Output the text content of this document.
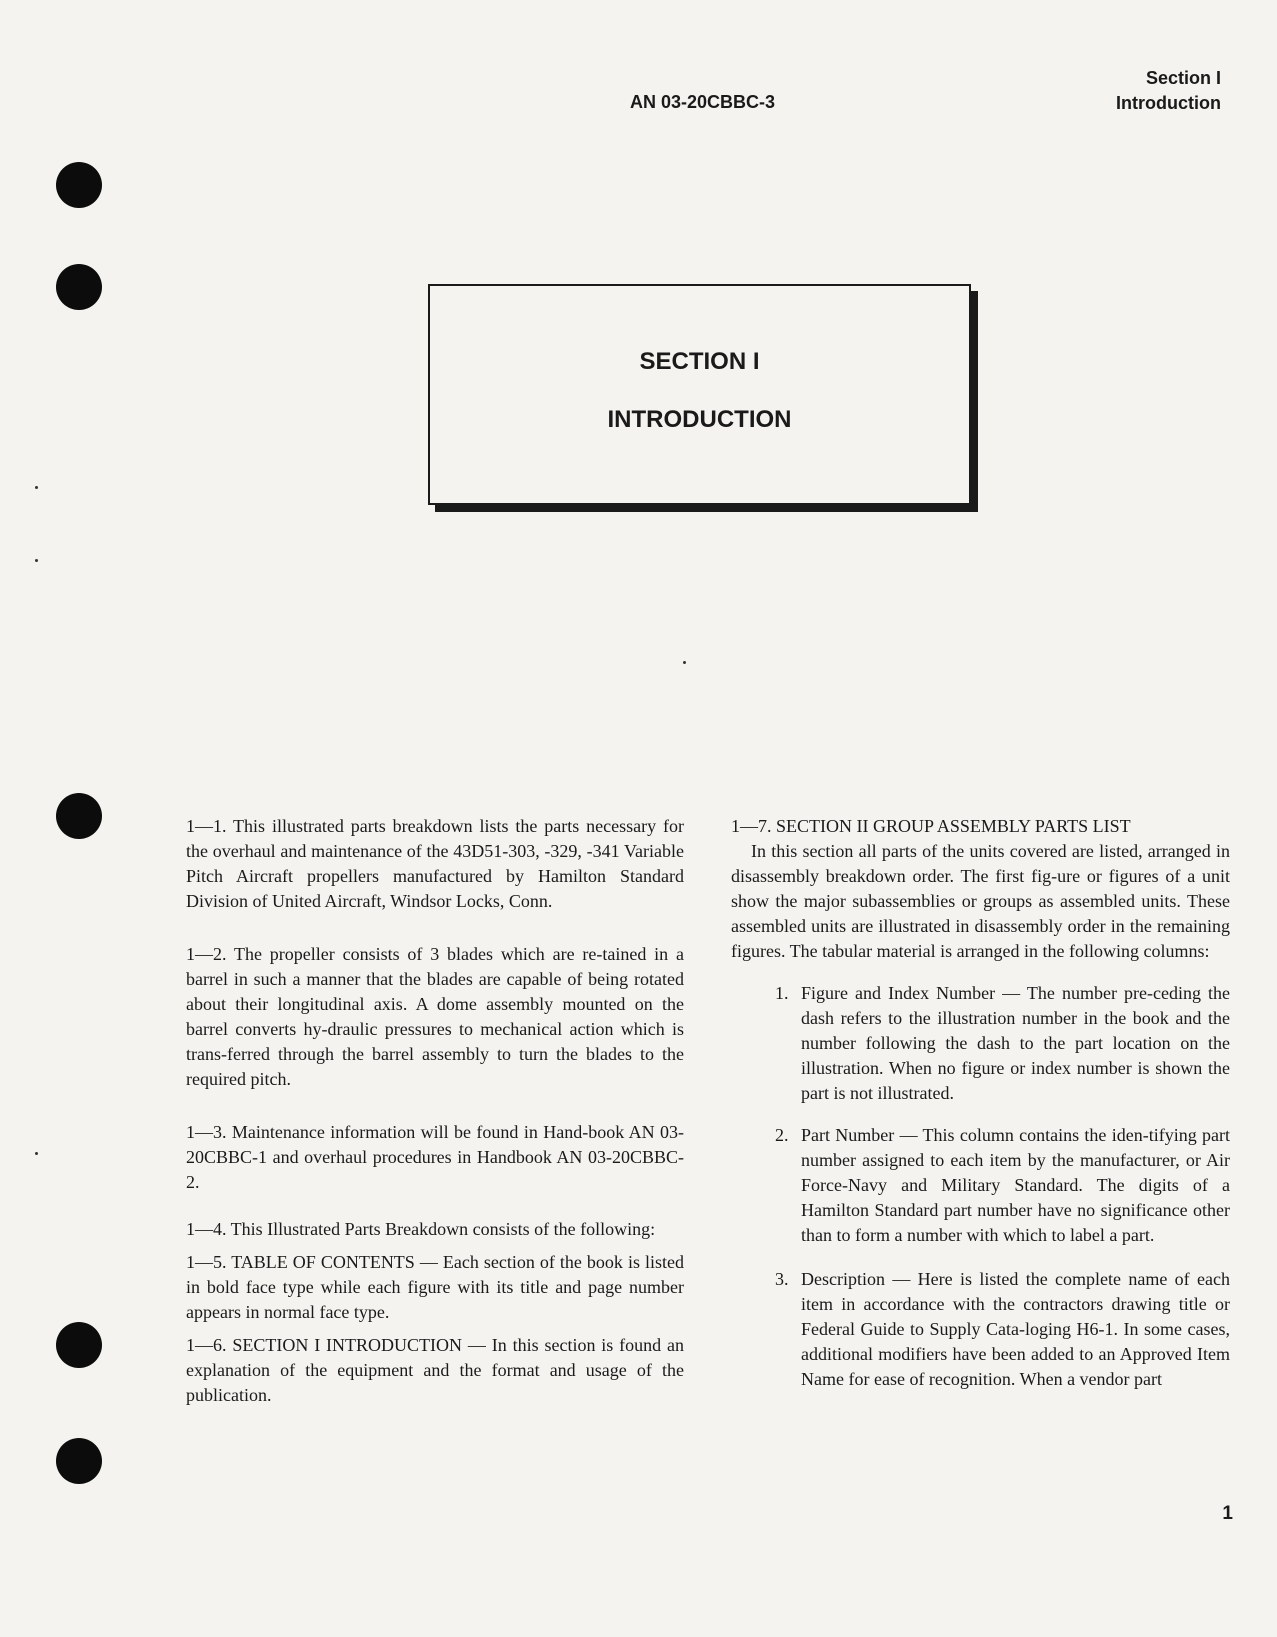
AN 03-20CBBC-3
Section I
Introduction
SECTION I
INTRODUCTION

1—1. This illustrated parts breakdown lists the parts necessary for the overhaul and maintenance of the 43D51-303, -329, -341 Variable Pitch Aircraft propellers manufactured by Hamilton Standard Division of United Aircraft, Windsor Locks, Conn.

1—2. The propeller consists of 3 blades which are re-tained in a barrel in such a manner that the blades are capable of being rotated about their longitudinal axis. A dome assembly mounted on the barrel converts hy-draulic pressures to mechanical action which is trans-ferred through the barrel assembly to turn the blades to the required pitch.

1—3. Maintenance information will be found in Hand-book AN 03-20CBBC-1 and overhaul procedures in Handbook AN 03-20CBBC-2.

1—4. This Illustrated Parts Breakdown consists of the following:

1—5. TABLE OF CONTENTS — Each section of the book is listed in bold face type while each figure with its title and page number appears in normal face type.

1—6. SECTION I INTRODUCTION — In this section is found an explanation of the equipment and the format and usage of the publication.

1—7. SECTION II GROUP ASSEMBLY PARTS LIST

In this section all parts of the units covered are listed, arranged in disassembly breakdown order. The first fig-ure or figures of a unit show the major subassemblies or groups as assembled units. These assembled units are illustrated in disassembly order in the remaining figures. The tabular material is arranged in the following columns:

1. Figure and Index Number — The number pre-ceding the dash refers to the illustration number in the book and the number following the dash to the part location on the illustration. When no figure or index number is shown the part is not illustrated.
2. Part Number — This column contains the iden-tifying part number assigned to each item by the manufacturer, or Air Force-Navy and Military Standard. The digits of a Hamilton Standard part number have no significance other than to form a number with which to label a part.
3. Description — Here is listed the complete name of each item in accordance with the contractors drawing title or Federal Guide to Supply Cata-loging H6-1. In some cases, additional modifiers have been added to an Approved Item Name for ease of recognition. When a vendor part
1
